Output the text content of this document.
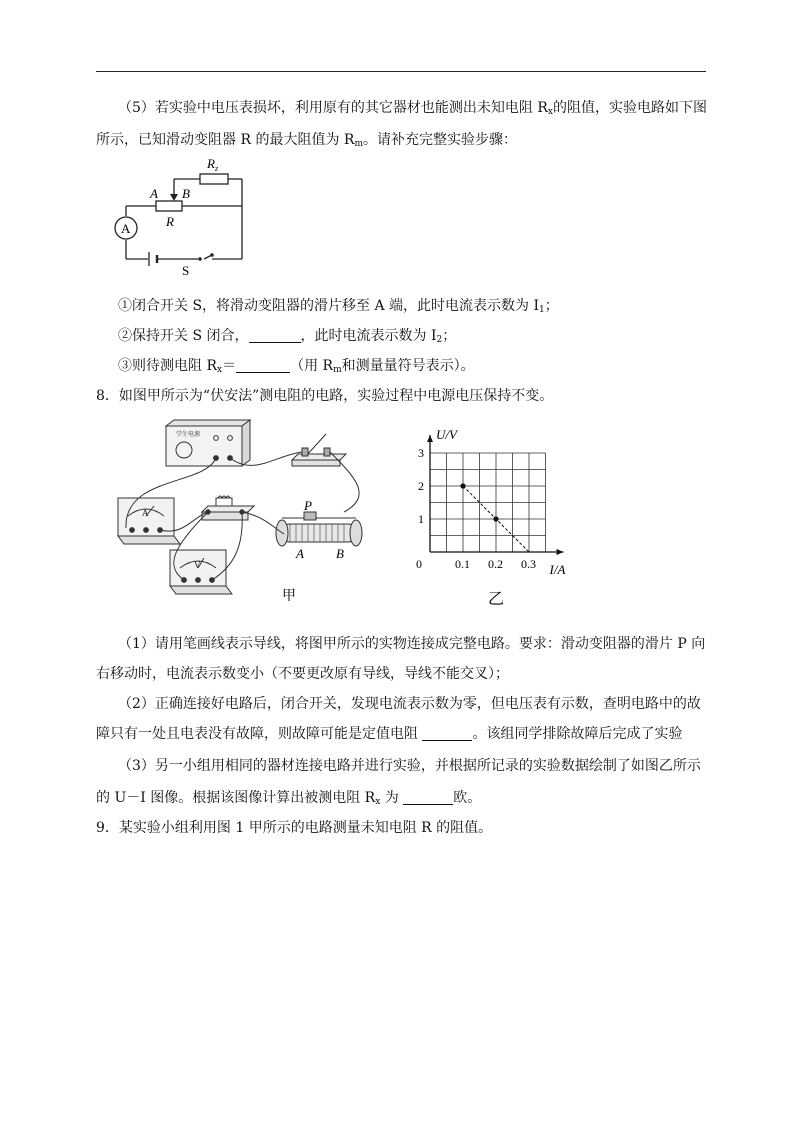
（5）若实验中电压表损坏，利用原有的其它器材也能测出未知电阻 $R_x$的阻值，实验电路如下图
所示，已知滑动变阻器 R 的最大阻值为 $R_m$。请补充完整实验步骤：
$R_z$
A B
R
A
S
①闭合开关 S，将滑动变阻器的滑片移至 A 端，此时电流表示数为 $I_1$；
②保持开关 S 闭合，	，此时电流表示数为 $I_2$；
③则待测电阻 $R_x=$	（用 $R_m$和测量量符号表示）。
8．如图甲所示为“伏安法”测电阻的电路，实验过程中电源电压保持不变。
学生电源
A
V
P
A B
甲
0.1 0.2 0.3
1
2
3
0	I/A
U/V
乙
（1）请用笔画线表示导线，将图甲所示的实物连接成完整电路。要求：滑动变阻器的滑片 P 向
右移动时，电流表示数变小（不要更改原有导线，导线不能交叉）；
（2）正确连接好电路后，闭合开关，发现电流表示数为零，但电压表有示数，查明电路中的故
障只有一处且电表没有故障，则故障可能是定值电阻	。该组同学排除故障后完成了实验
（3）另一小组用相同的器材连接电路并进行实验，并根据所记录的实验数据绘制了如图乙所示
的 U－I 图像。根据该图像计算出被测电阻 $R_x$ 为	欧。
9．某实验小组利用图 1 甲所示的电路测量未知电阻 R 的阻值。
